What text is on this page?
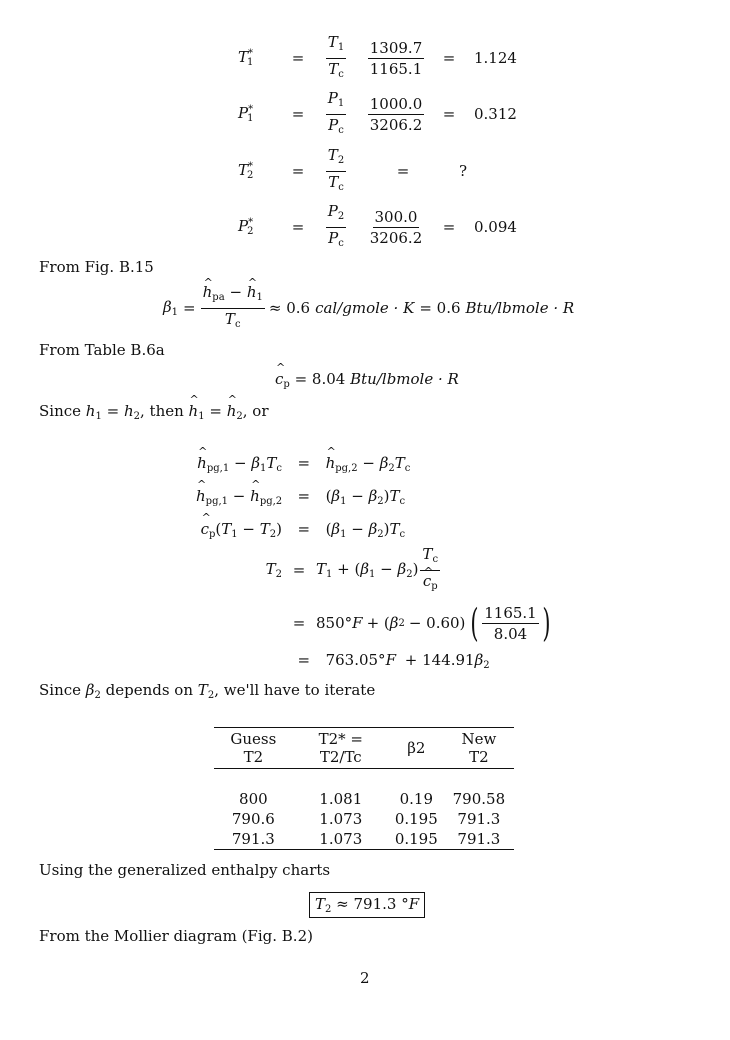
$T^*_1$	= $\frac{T_1}{T_c} \frac{1309.7}{1165.1}$	=	1.124
$P^*_1$	= $\frac{P_1}{P_c} \frac{1000.0}{3206.2}$	=	0.312
$T^*_2$	= $\frac{T_2}{T_c}$	=	?
$P^*_2$	= $\frac{P_2}{P_c} \frac{300.0}{3206.2}$	=	0.094
From Fig. B.15
$\beta_1$ = ^ $\frac{h_{pa} - \^{} h_1}{T_c} \approx 0.6$ cal/gmole · K = 0.6 Btu/lbmole · R
From Table B.6a
^ $c_p = 8.04$ Btu/lbmole · R
Since $h_1 = h_2$, then ^ $h_1$ = ^ $h_2$, or
^ $h_{pg,1} - \beta_1T_c$ = ^ $h_{pg,2} - \beta_2T_c$
^ $h_{pg,1}$ − ^ $h_{pg,2} = (\beta_1 - \beta_2)T_c$
^ $c_p(T_1 - T_2) = (\beta_1 - \beta_2)T_c$
$T_2 = T_1 + (\beta_1 - \beta_2)$ $T_c$
^ $c_p$
= 850° F + ( β 2 − 0.60) ( $\frac{1165.1}{8.04}$ )
= $763.05^\circ F + 144.91\beta_2$
Since $\beta_2$ depends on $T_2$, we'll have to iterate
Guess T2	T2* = T2/Tc	β2	New T2

800	1.081	0.19	790.58
790.6	1.073	0.195	791.3
791.3	1.073	0.195	791.3
Using the generalized enthalpy charts
$T_2 \approx 791.3$ °F
From the Mollier diagram (Fig. B.2)
2
